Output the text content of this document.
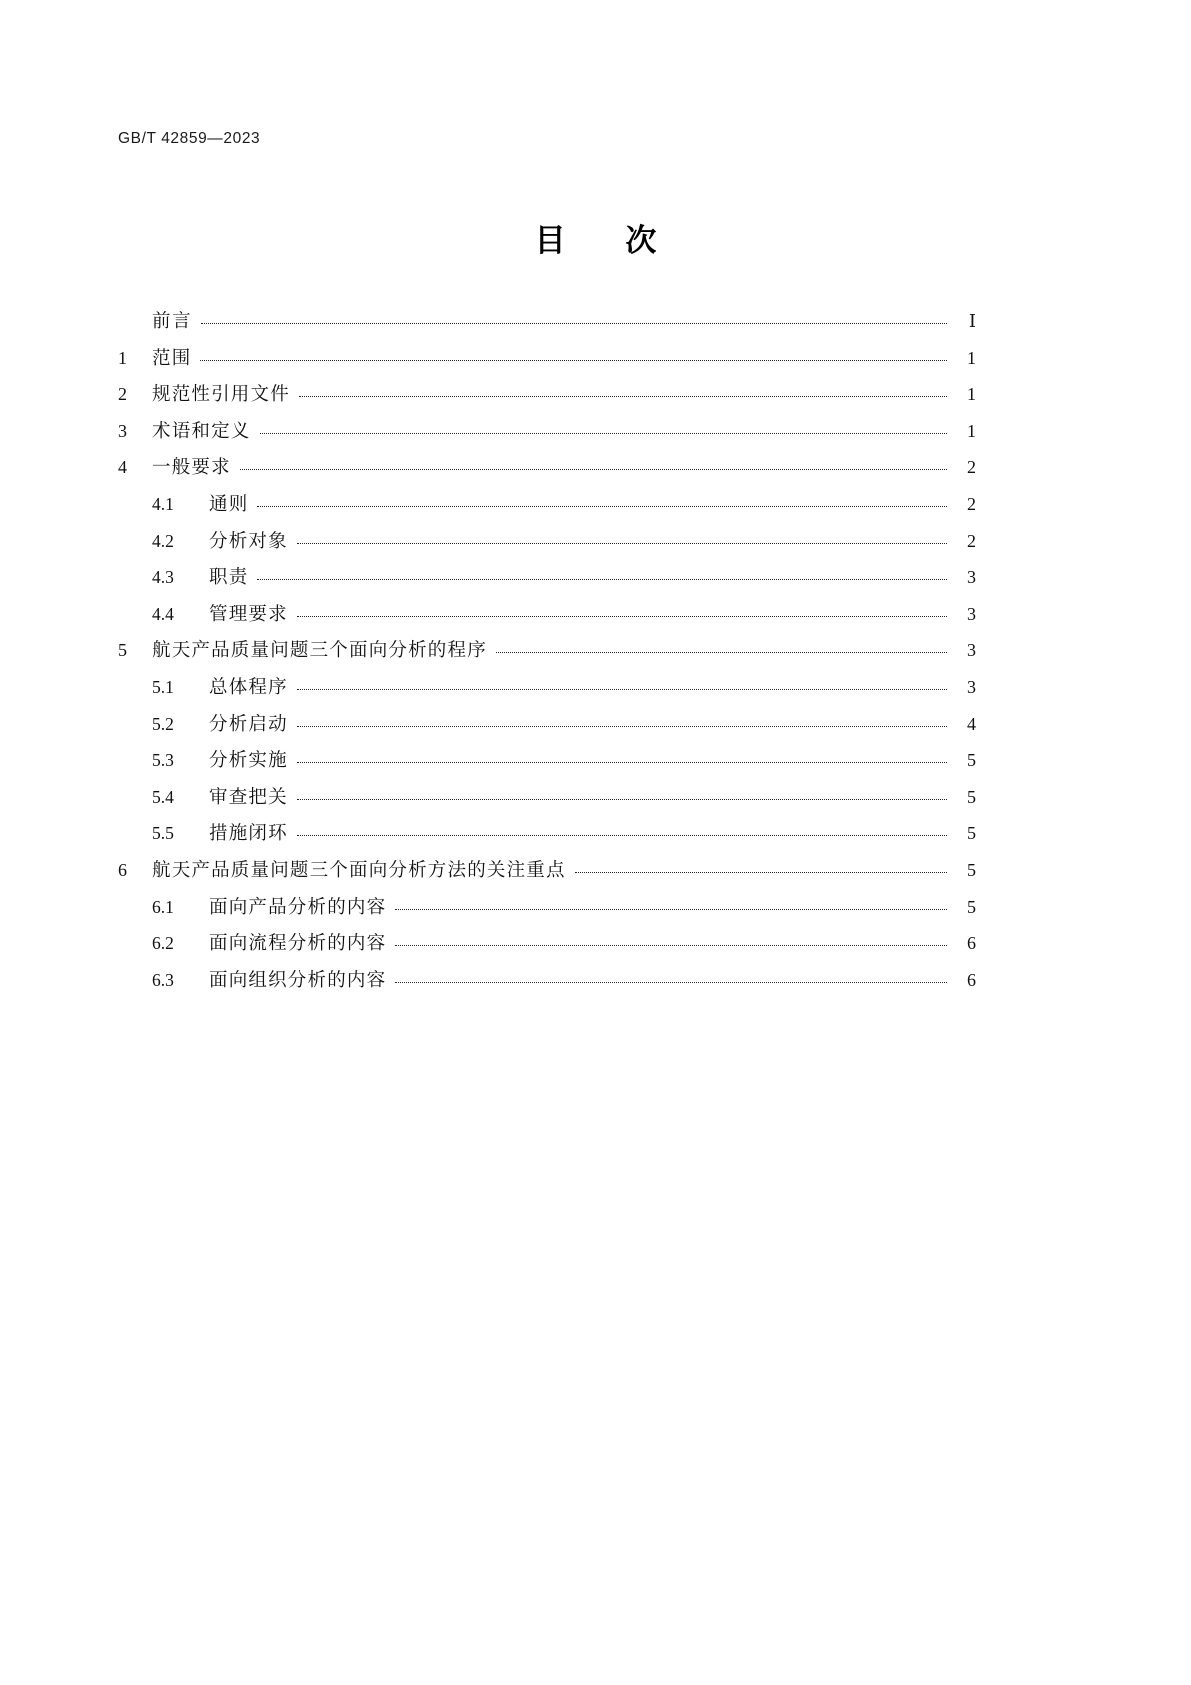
GB/T 42859—2023
目 次
前言	Ⅰ
1	范围	1
2	规范性引用文件	1
3	术语和定义	1
4	一般要求	2
4.1	通则	2
4.2	分析对象	2
4.3	职责	3
4.4	管理要求	3
5	航天产品质量问题三个面向分析的程序	3
5.1	总体程序	3
5.2	分析启动	4
5.3	分析实施	5
5.4	审查把关	5
5.5	措施闭环	5
6	航天产品质量问题三个面向分析方法的关注重点	5
6.1	面向产品分析的内容	5
6.2	面向流程分析的内容	6
6.3	面向组织分析的内容	6
